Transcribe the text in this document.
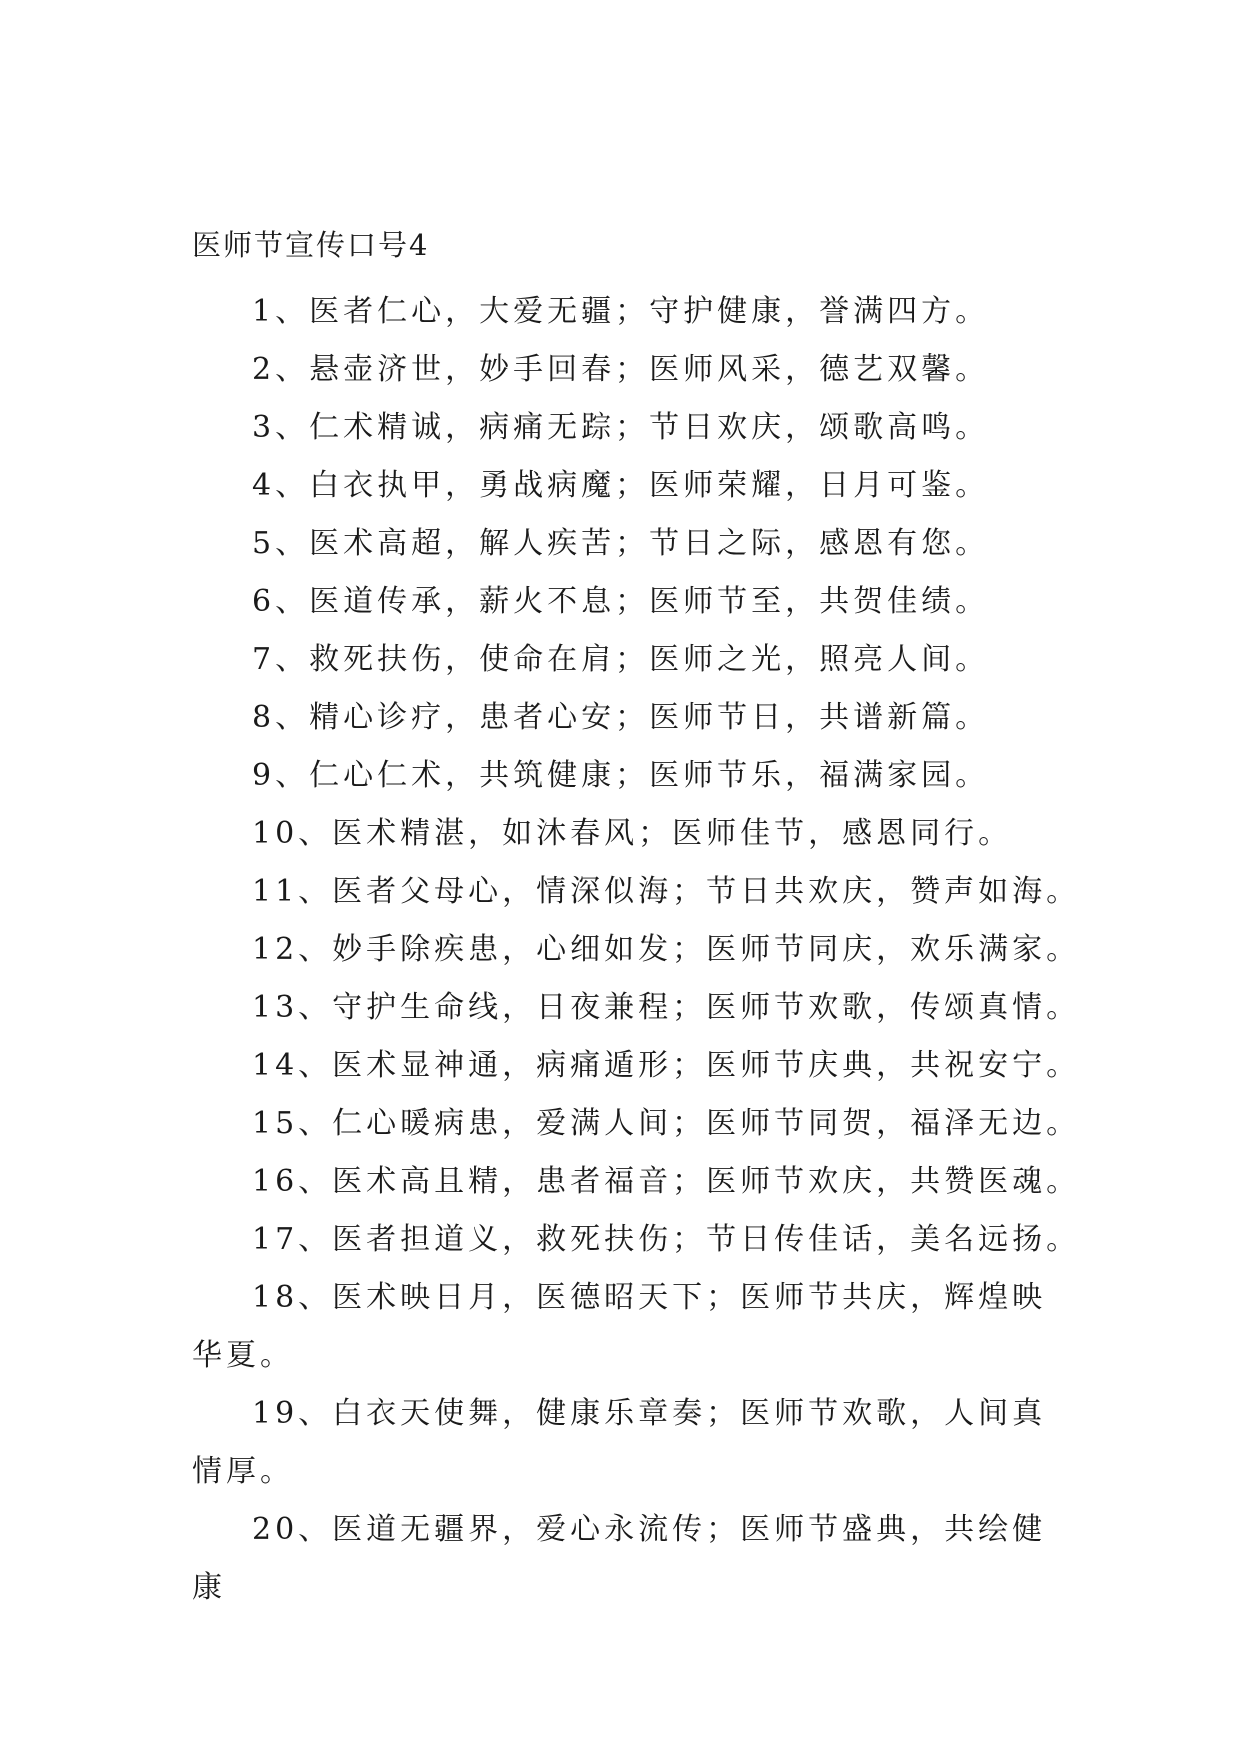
医师节宣传口号4

1、医者仁心，大爱无疆；守护健康，誉满四方。

2、悬壶济世，妙手回春；医师风采，德艺双馨。

3、仁术精诚，病痛无踪；节日欢庆，颂歌高鸣。

4、白衣执甲，勇战病魔；医师荣耀，日月可鉴。

5、医术高超，解人疾苦；节日之际，感恩有您。

6、医道传承，薪火不息；医师节至，共贺佳绩。

7、救死扶伤，使命在肩；医师之光，照亮人间。

8、精心诊疗，患者心安；医师节日，共谱新篇。

9、仁心仁术，共筑健康；医师节乐，福满家园。

10、医术精湛，如沐春风；医师佳节，感恩同行。

11、医者父母心，情深似海；节日共欢庆，赞声如海。

12、妙手除疾患，心细如发；医师节同庆，欢乐满家。

13、守护生命线，日夜兼程；医师节欢歌，传颂真情。

14、医术显神通，病痛遁形；医师节庆典，共祝安宁。

15、仁心暖病患，爱满人间；医师节同贺，福泽无边。

16、医术高且精，患者福音；医师节欢庆，共赞医魂。

17、医者担道义，救死扶伤；节日传佳话，美名远扬。

18、医术映日月，医德昭天下；医师节共庆，辉煌映华夏。

19、白衣天使舞，健康乐章奏；医师节欢歌，人间真情厚。

20、医道无疆界，爱心永流传；医师节盛典，共绘健康
